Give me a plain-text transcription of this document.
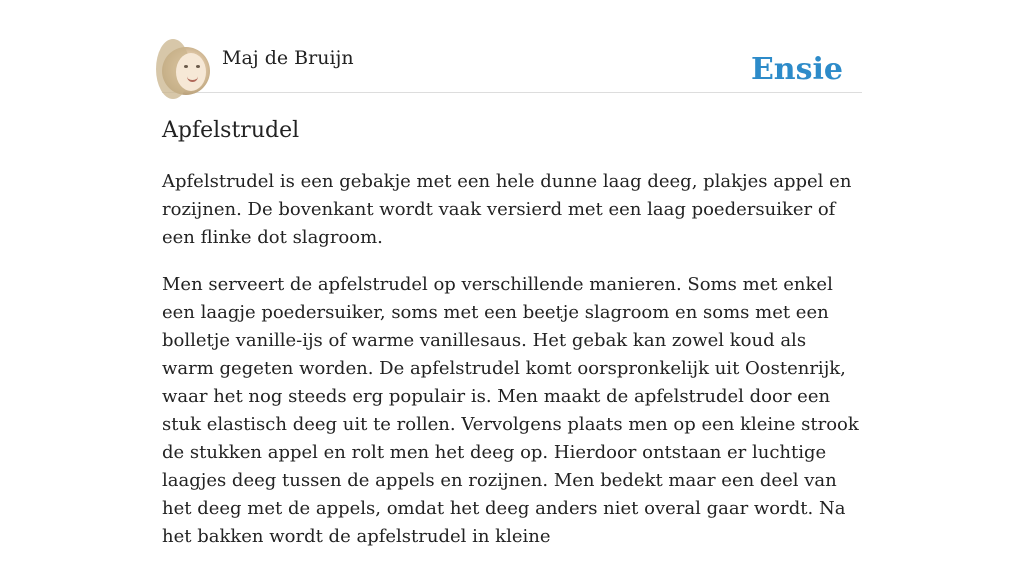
Maj de Bruijn	Ensie
Apfelstrudel

Apfelstrudel is een gebakje met een hele dunne laag deeg, plakjes appel en rozijnen. De bovenkant wordt vaak versierd met een laag poedersuiker of een flinke dot slagroom.

Men serveert de apfelstrudel op verschillende manieren. Soms met enkel een laagje poedersuiker, soms met een beetje slagroom en soms met een bolletje vanille-ijs of warme vanillesaus. Het gebak kan zowel koud als warm gegeten worden. De apfelstrudel komt oorspronkelijk uit Oostenrijk, waar het nog steeds erg populair is. Men maakt de apfelstrudel door een stuk elastisch deeg uit te rollen. Vervolgens plaats men op een kleine strook de stukken appel en rolt men het deeg op. Hierdoor ontstaan er luchtige laagjes deeg tussen de appels en rozijnen. Men bedekt maar een deel van het deeg met de appels, omdat het deeg anders niet overal gaar wordt. Na het bakken wordt de apfelstrudel in kleine
